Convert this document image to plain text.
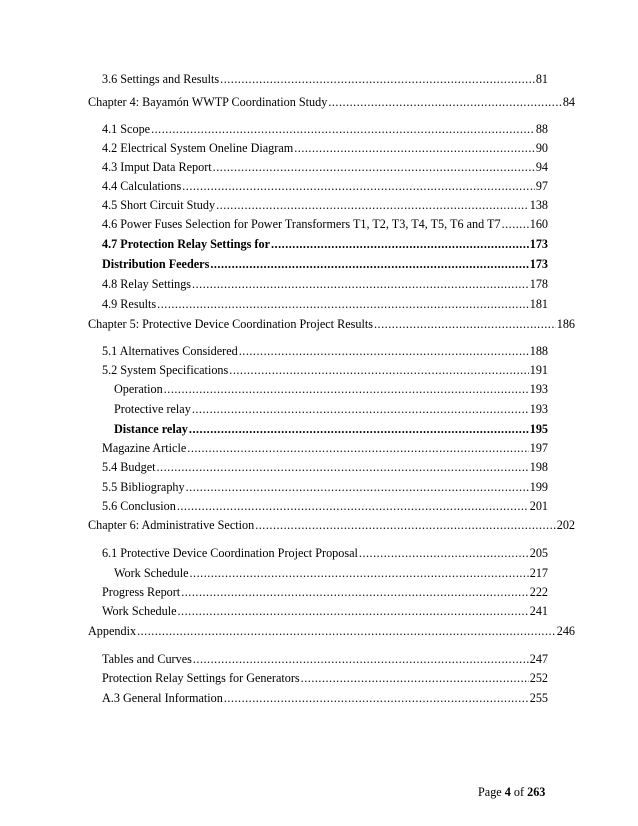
3.6 Settings and Results .....	81
Chapter 4: Bayamón WWTP Coordination Study .....	84
4.1 Scope .....	88
4.2 Electrical System Oneline Diagram .....	90
4.3 Imput Data Report .....	94
4.4 Calculations .....	97
4.5 Short Circuit Study .....	138
4.6 Power Fuses Selection for Power Transformers T1, T2, T3, T4, T5, T6 and T7 ..... 160
4.7 Protection Relay Settings for .....	173
Distribution Feeders .....	173
4.8 Relay Settings .....	178
4.9 Results .....	181
Chapter 5: Protective Device Coordination Project Results .....	186
5.1 Alternatives Considered .....	188
5.2 System Specifications .....	191
Operation .....	193
Protective relay .....	193
Distance relay .....	195
Magazine Article .....	197
5.4 Budget .....	198
5.5 Bibliography .....	199
5.6 Conclusion .....	201
Chapter 6: Administrative Section .....	202
6.1 Protective Device Coordination Project Proposal .....	205
Work Schedule .....	217
Progress Report .....	222
Work Schedule .....	241
Appendix .....	246
Tables and Curves .....	247
Protection Relay Settings for Generators .....	252
A.3 General Information .....	255
Page 4 of 263
